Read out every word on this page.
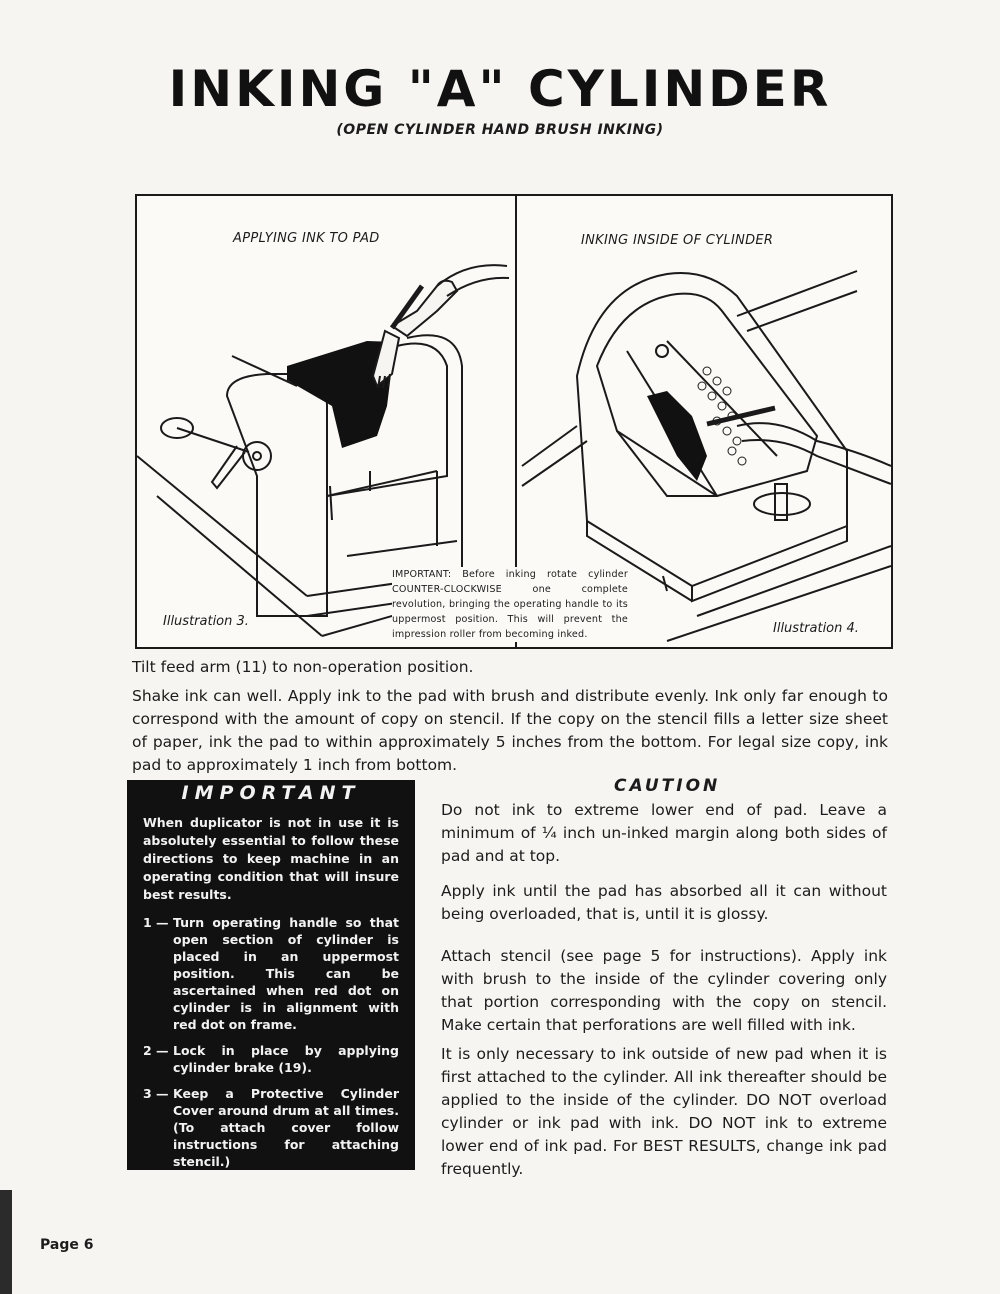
INKING "A" CYLINDER
(OPEN CYLINDER HAND BRUSH INKING)
APPLYING INK TO PAD	INKING INSIDE OF CYLINDER
Illustration 3.	Illustration 4.
IMPORTANT: Before inking rotate cylinder COUNTER-CLOCKWISE one complete revolution, bringing the operating handle to its uppermost position. This will prevent the impression roller from becoming inked.
Tilt feed arm (11) to non-operation position.
Shake ink can well. Apply ink to the pad with brush and distribute evenly. Ink only far enough to correspond with the amount of copy on stencil. If the copy on the stencil fills a letter size sheet of paper, ink the pad to within approximately 5 inches from the bottom. For legal size copy, ink pad to approximately 1 inch from bottom.
IMPORTANT
When duplicator is not in use it is absolutely essential to follow these directions to keep machine in an operating condition that will insure best results.
1 — Turn operating handle so that open section of cylinder is placed in an uppermost position. This can be ascertained when red dot on cylinder is in alignment with red dot on frame.
2 — Lock in place by applying cylinder brake (19).
3 — Keep a Protective Cylinder Cover around drum at all times. (To attach cover follow instructions for attaching stencil.)
CAUTION
Do not ink to extreme lower end of pad. Leave a minimum of ¼ inch un-inked margin along both sides of pad and at top.
Apply ink until the pad has absorbed all it can without being overloaded, that is, until it is glossy.
Attach stencil (see page 5 for instructions). Apply ink with brush to the inside of the cylinder covering only that portion corresponding with the copy on stencil. Make certain that perforations are well filled with ink.
It is only necessary to ink outside of new pad when it is first attached to the cylinder. All ink thereafter should be applied to the inside of the cylinder. DO NOT overload cylinder or ink pad with ink. DO NOT ink to extreme lower end of ink pad. For BEST RESULTS, change ink pad frequently.
Page 6
